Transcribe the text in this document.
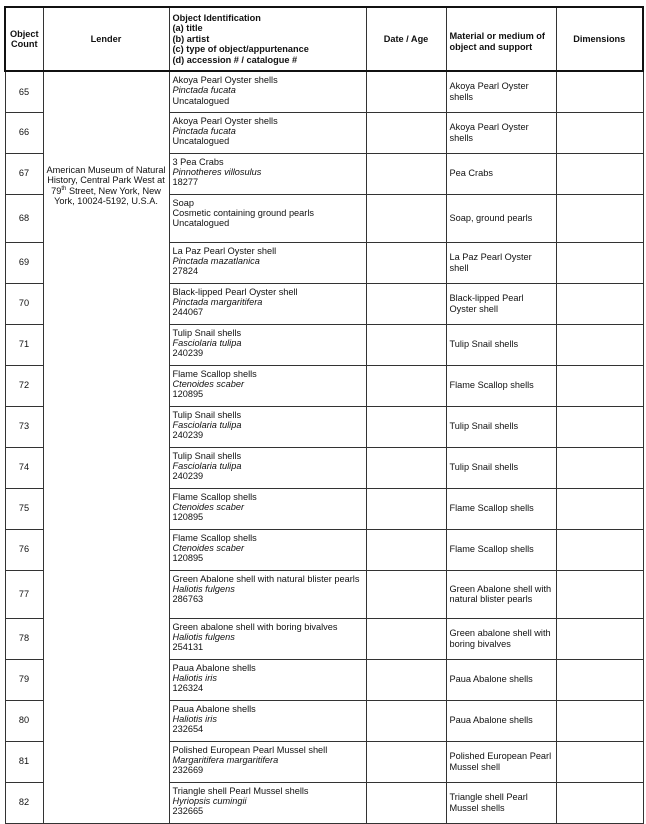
Object Count	Lender	Object Identification
(a) title
(b) artist
(c) type of object/appurtenance
(d) accession # / catalogue #	Date / Age	Material or medium of object and support	Dimensions
65	American Museum of Natural History, Central Park West at 79th Street, New York, New York, 10024-5192, U.S.A.	Akoya Pearl Oyster shells
Pinctada fucata
Uncatalogued		Akoya Pearl Oyster shells	
66		Akoya Pearl Oyster shells
Pinctada fucata
Uncatalogued		Akoya Pearl Oyster shells	
67		3 Pea Crabs
Pinnotheres villosulus
18277		Pea Crabs	
68		Soap
Cosmetic containing ground pearls
Uncatalogued		Soap, ground pearls	
69		La Paz Pearl Oyster shell
Pinctada mazatlanica
27824		La Paz Pearl Oyster shell	
70		Black-lipped Pearl Oyster shell
Pinctada margaritifera
244067		Black-lipped Pearl Oyster shell	
71		Tulip Snail shells
Fasciolaria tulipa
240239		Tulip Snail shells	
72		Flame Scallop shells
Ctenoides scaber
120895		Flame Scallop shells	
73		Tulip Snail shells
Fasciolaria tulipa
240239		Tulip Snail shells	
74		Tulip Snail shells
Fasciolaria tulipa
240239		Tulip Snail shells	
75		Flame Scallop shells
Ctenoides scaber
120895		Flame Scallop shells	
76		Flame Scallop shells
Ctenoides scaber
120895		Flame Scallop shells	
77		Green Abalone shell with natural blister pearls
Haliotis fulgens
286763		Green Abalone shell with natural blister pearls	
78		Green abalone shell with boring bivalves
Haliotis fulgens
254131		Green abalone shell with boring bivalves	
79		Paua Abalone shells
Haliotis iris
126324		Paua Abalone shells	
80		Paua Abalone shells
Haliotis iris
232654		Paua Abalone shells	
81		Polished European Pearl Mussel shell
Margaritifera margaritifera
232669		Polished European Pearl Mussel shell	
82		Triangle shell Pearl Mussel shells
Hyriopsis cumingii
232665		Triangle shell Pearl Mussel shells	
